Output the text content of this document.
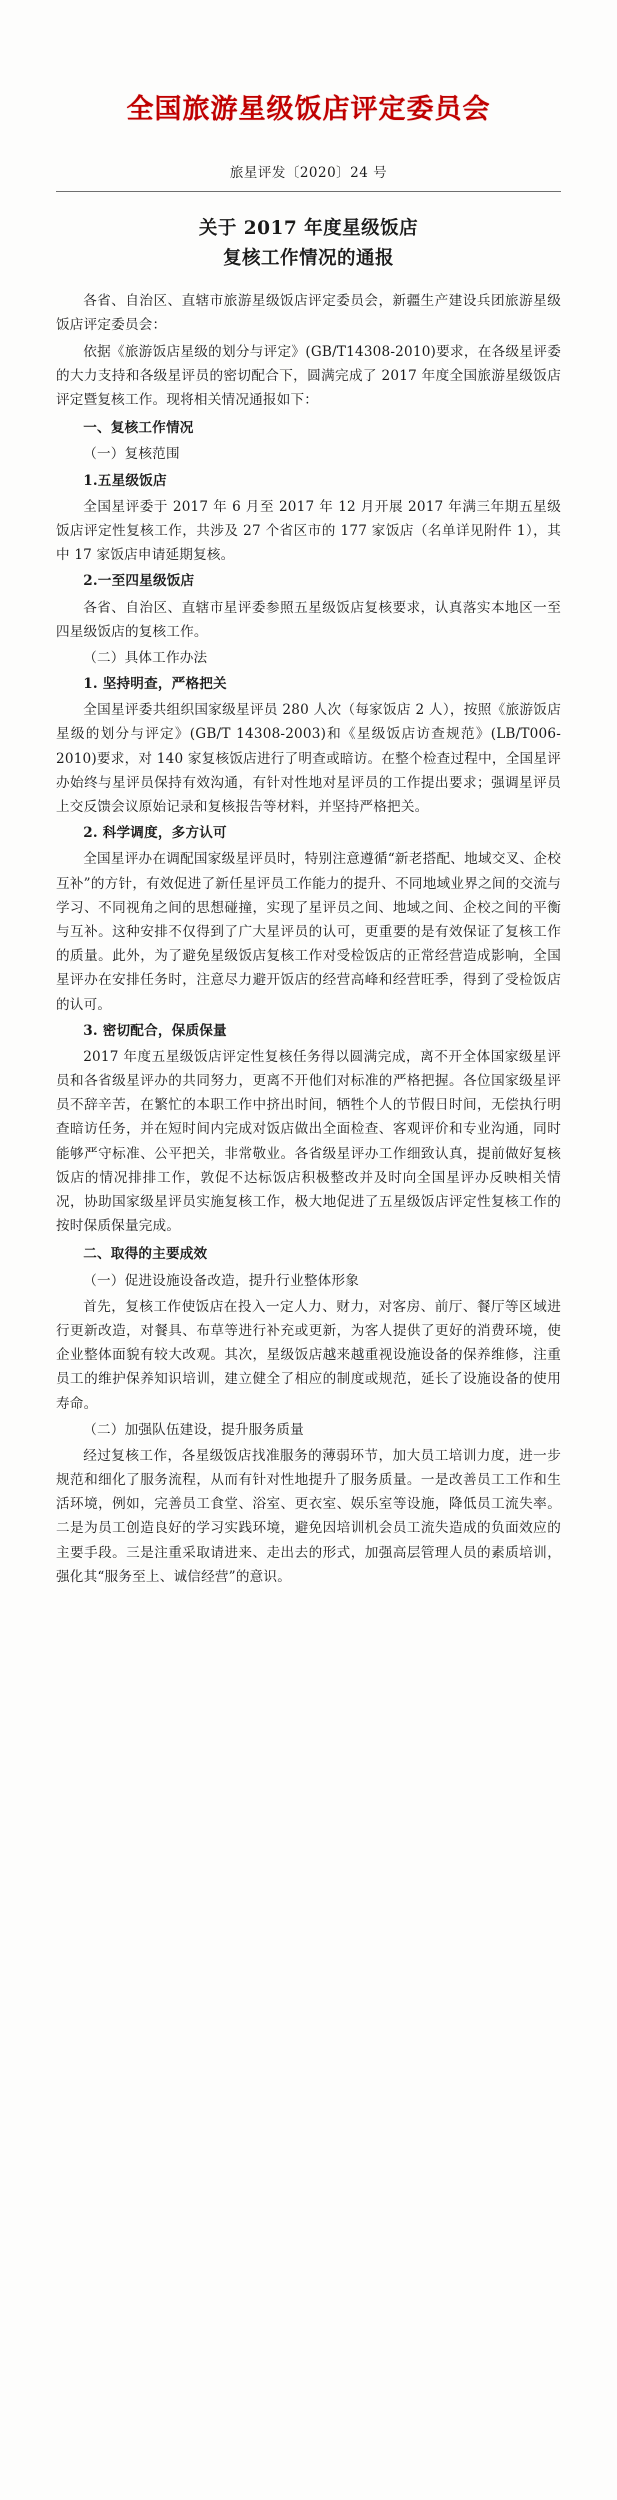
全国旅游星级饭店评定委员会
旅星评发〔2020〕24 号
关于 2017 年度星级饭店
复核工作情况的通报

各省、自治区、直辖市旅游星级饭店评定委员会，新疆生产建设兵团旅游星级饭店评定委员会：

依据《旅游饭店星级的划分与评定》(GB/T14308-2010)要求，在各级星评委的大力支持和各级星评员的密切配合下，圆满完成了 2017 年度全国旅游星级饭店评定暨复核工作。现将相关情况通报如下：

一、复核工作情况

（一）复核范围

1.五星级饭店

全国星评委于 2017 年 6 月至 2017 年 12 月开展 2017 年满三年期五星级饭店评定性复核工作，共涉及 27 个省区市的 177 家饭店（名单详见附件 1），其中 17 家饭店申请延期复核。

2.一至四星级饭店

各省、自治区、直辖市星评委参照五星级饭店复核要求，认真落实本地区一至四星级饭店的复核工作。

（二）具体工作办法

1. 坚持明查，严格把关

全国星评委共组织国家级星评员 280 人次（每家饭店 2 人），按照《旅游饭店星级的划分与评定》(GB/T 14308-2003)和《星级饭店访查规范》(LB/T006-2010)要求，对 140 家复核饭店进行了明查或暗访。在整个检查过程中，全国星评办始终与星评员保持有效沟通，有针对性地对星评员的工作提出要求；强调星评员上交反馈会议原始记录和复核报告等材料，并坚持严格把关。

2. 科学调度，多方认可

全国星评办在调配国家级星评员时，特别注意遵循“新老搭配、地域交叉、企校互补”的方针，有效促进了新任星评员工作能力的提升、不同地域业界之间的交流与学习、不同视角之间的思想碰撞，实现了星评员之间、地域之间、企校之间的平衡与互补。这种安排不仅得到了广大星评员的认可，更重要的是有效保证了复核工作的质量。此外，为了避免星级饭店复核工作对受检饭店的正常经营造成影响，全国星评办在安排任务时，注意尽力避开饭店的经营高峰和经营旺季，得到了受检饭店的认可。

3. 密切配合，保质保量

2017 年度五星级饭店评定性复核任务得以圆满完成，离不开全体国家级星评员和各省级星评办的共同努力，更离不开他们对标准的严格把握。各位国家级星评员不辞辛苦，在繁忙的本职工作中挤出时间，牺牲个人的节假日时间，无偿执行明查暗访任务，并在短时间内完成对饭店做出全面检查、客观评价和专业沟通，同时能够严守标准、公平把关，非常敬业。各省级星评办工作细致认真，提前做好复核饭店的情况排排工作，敦促不达标饭店积极整改并及时向全国星评办反映相关情况，协助国家级星评员实施复核工作，极大地促进了五星级饭店评定性复核工作的按时保质保量完成。

二、取得的主要成效

（一）促进设施设备改造，提升行业整体形象

首先，复核工作使饭店在投入一定人力、财力，对客房、前厅、餐厅等区域进行更新改造，对餐具、布草等进行补充或更新，为客人提供了更好的消费环境，使企业整体面貌有较大改观。其次，星级饭店越来越重视设施设备的保养维修，注重员工的维护保养知识培训，建立健全了相应的制度或规范，延长了设施设备的使用寿命。

（二）加强队伍建设，提升服务质量

经过复核工作，各星级饭店找准服务的薄弱环节，加大员工培训力度，进一步规范和细化了服务流程，从而有针对性地提升了服务质量。一是改善员工工作和生活环境，例如，完善员工食堂、浴室、更衣室、娱乐室等设施，降低员工流失率。二是为员工创造良好的学习实践环境，避免因培训机会员工流失造成的负面效应的主要手段。三是注重采取请进来、走出去的形式，加强高层管理人员的素质培训，强化其“服务至上、诚信经营”的意识。
